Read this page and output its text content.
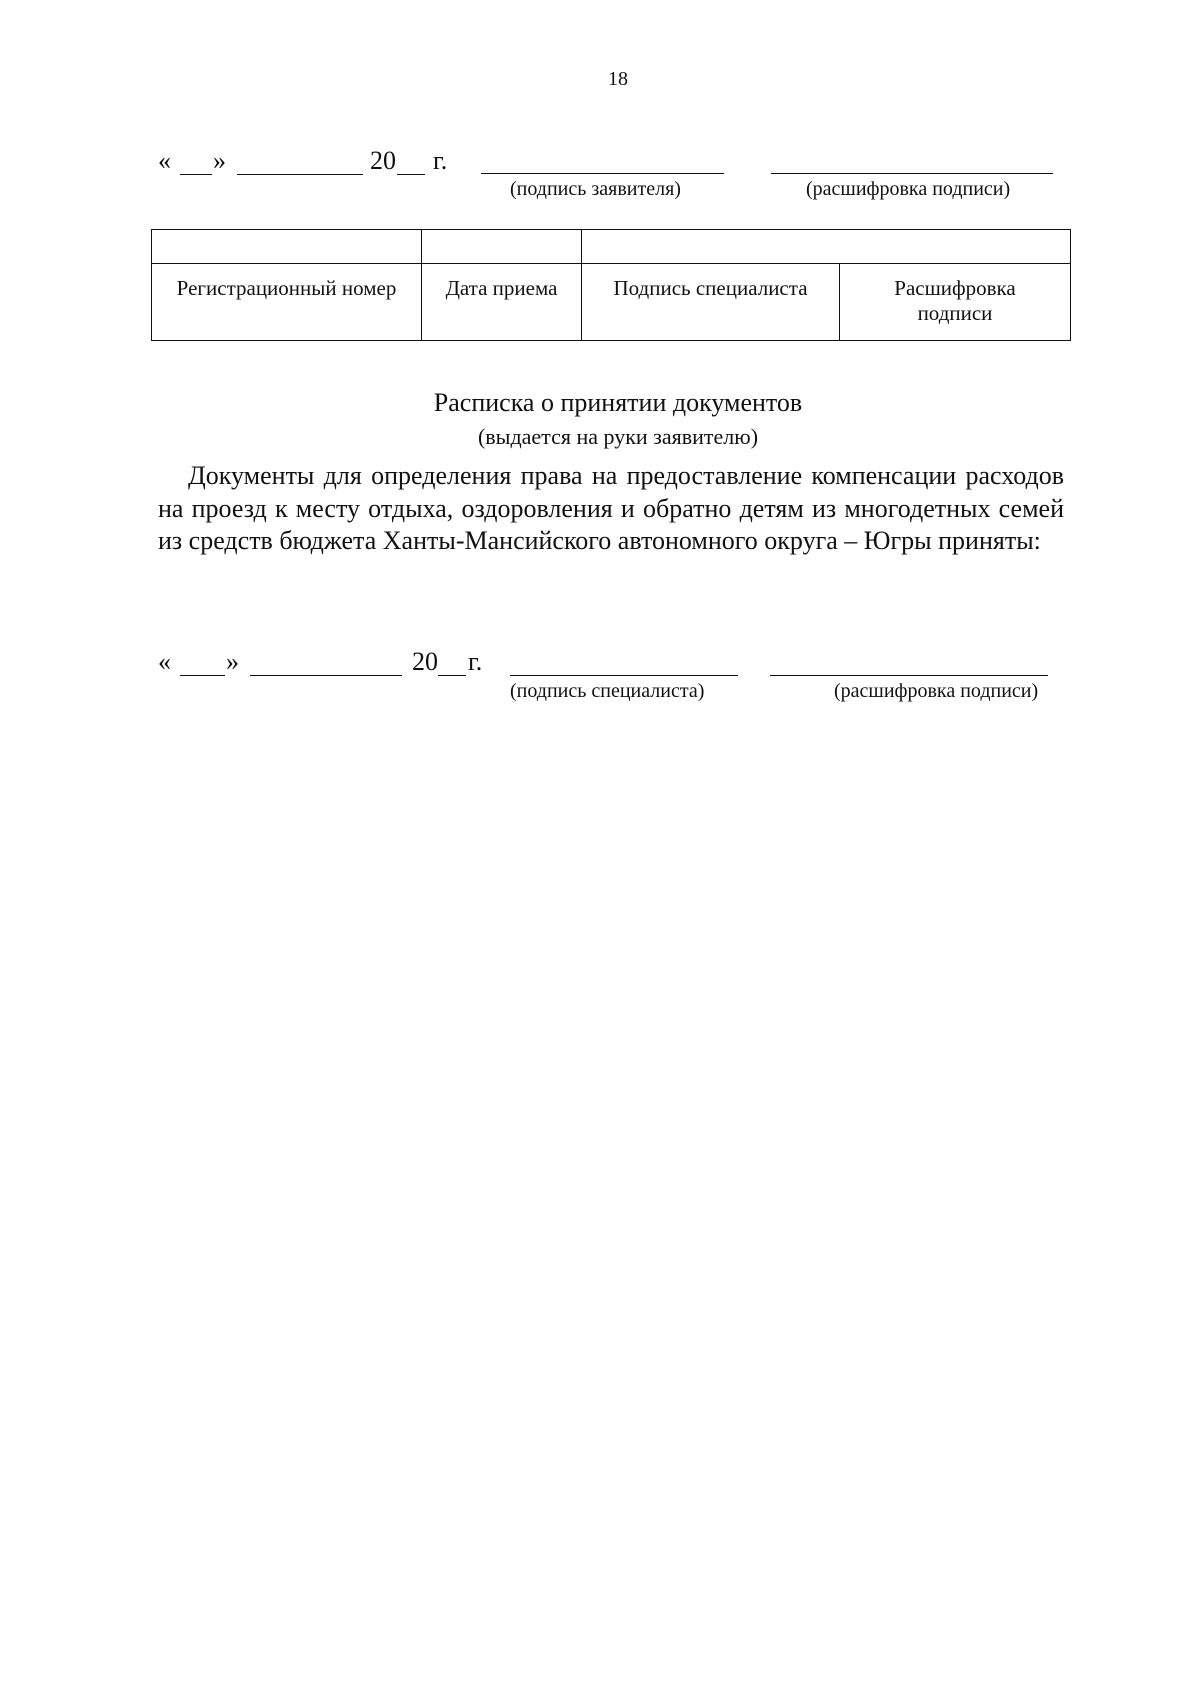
18
« »	20 г.
(подпись заявителя)	(расшифровка подписи)

Регистрационный номер	Дата приема	Подпись специалиста	Расшифровка подписи
Расписка о принятии документов
(выдается на руки заявителю)
Документы для определения права на предоставление компенсации расходов на проезд к месту отдыха, оздоровления и обратно детям из многодетных семей из средств бюджета Ханты-Мансийского автономного округа – Югры приняты:
« »	20 г.
(подпись специалиста)	(расшифровка подписи)
